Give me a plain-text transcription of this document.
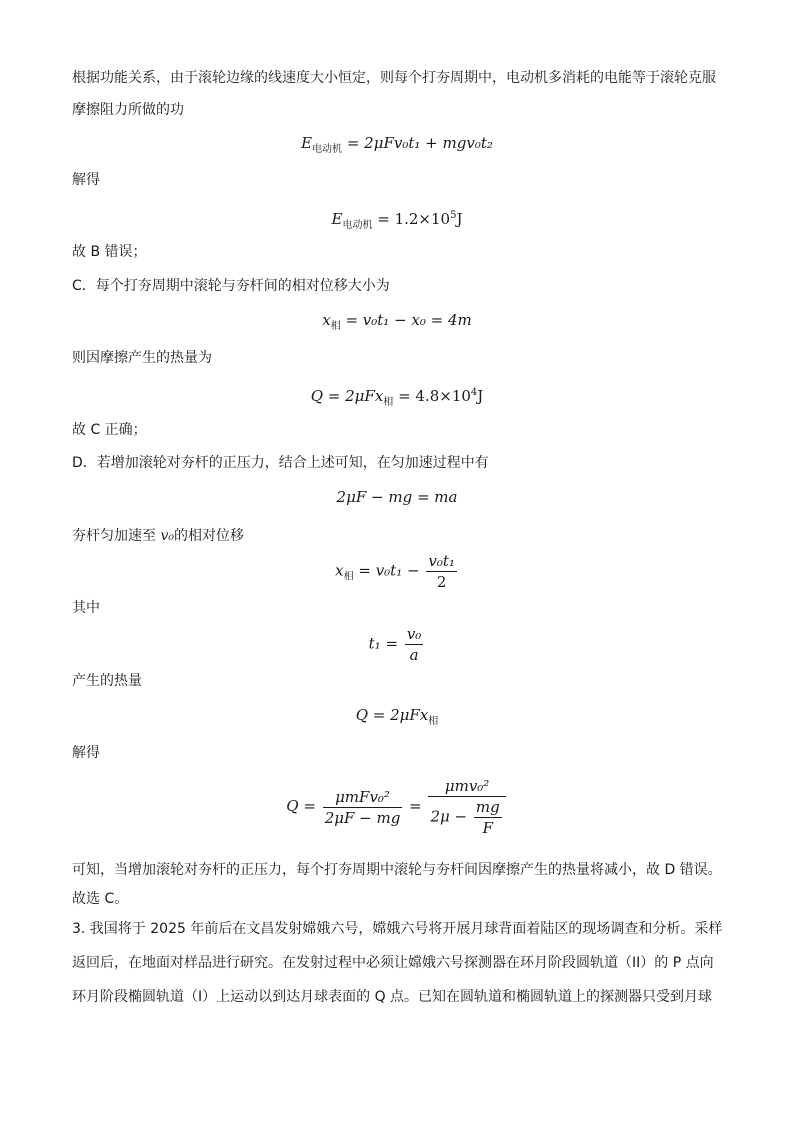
根据功能关系，由于滚轮边缘的线速度大小恒定，则每个打夯周期中，电动机多消耗的电能等于滚轮克服
摩擦阻力所做的功
$E_{电动机} = 2\mu Fv_0t_1 + mgv_0t_2$
解得
$E_{电动机} = 1.2\times 10^5J$
故 B 错误；
C．每个打夯周期中滚轮与夯杆间的相对位移大小为
$x_相 = v_0t_1 - x_0 = 4m$
则因摩擦产生的热量为
$Q = 2\mu Fx_相 = 4.8\times 10^4J$
故 C 正确；
D．若增加滚轮对夯杆的正压力，结合上述可知，在匀加速过程中有
2μF − mg = ma
夯杆匀加速至 v₀的相对位移
$x_相 = v_0t_1 - \frac{\text{v₀t₁}}{2}$
其中
$t_1 = \frac{\text{v₀}}{a}$
产生的热量
Q = 2μFx$_相$
解得
$Q = \frac{\text{μmFv₀²}}{2\mu F - mg} = \frac{\text{μmv₀²}}{2\mu - \frac{mg}{F}}$
可知，当增加滚轮对夯杆的正压力，每个打夯周期中滚轮与夯杆间因摩擦产生的热量将减小，故 D 错误。
故选 C。
3. 我国将于 2025 年前后在文昌发射嫦娥六号，嫦娥六号将开展月球背面着陆区的现场调查和分析。采样
返回后，在地面对样品进行研究。在发射过程中必须让嫦娥六号探测器在环月阶段圆轨道（II）的 P 点向
环月阶段椭圆轨道（I）上运动以到达月球表面的 Q 点。已知在圆轨道和椭圆轨道上的探测器只受到月球
